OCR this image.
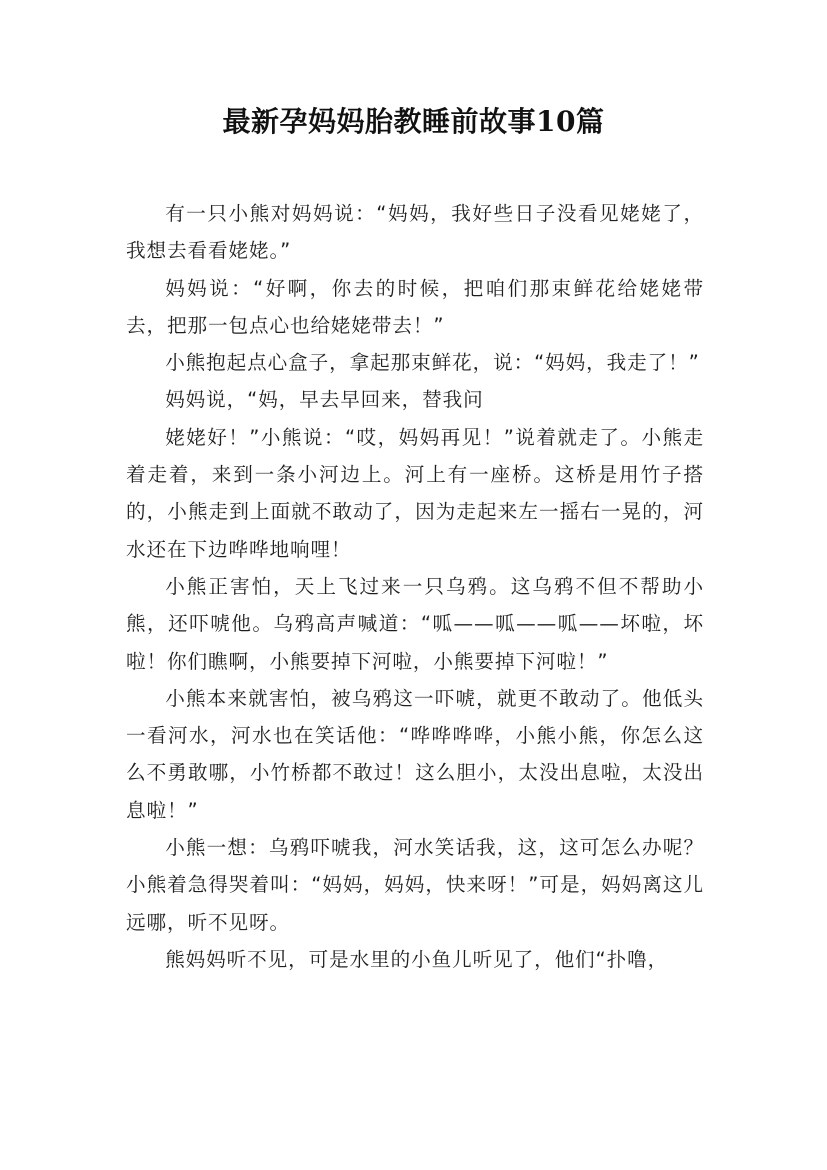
最新孕妈妈胎教睡前故事10篇

有一只小熊对妈妈说：“妈妈，我好些日子没看见姥姥了，我想去看看姥姥。”

妈妈说：“好啊，你去的时候，把咱们那束鲜花给姥姥带去，把那一包点心也给姥姥带去！”

小熊抱起点心盒子，拿起那束鲜花，说：“妈妈，我走了！”

妈妈说，“妈，早去早回来，替我问

姥姥好！”小熊说：“哎，妈妈再见！”说着就走了。小熊走着走着，来到一条小河边上。河上有一座桥。这桥是用竹子搭的，小熊走到上面就不敢动了，因为走起来左一摇右一晃的，河水还在下边哗哗地响哩！

小熊正害怕，天上飞过来一只乌鸦。这乌鸦不但不帮助小熊，还吓唬他。乌鸦高声喊道：“呱——呱——呱——坏啦，坏啦！你们瞧啊，小熊要掉下河啦，小熊要掉下河啦！”

小熊本来就害怕，被乌鸦这一吓唬，就更不敢动了。他低头一看河水，河水也在笑话他：“哗哗哗哗，小熊小熊，你怎么这么不勇敢哪，小竹桥都不敢过！这么胆小，太没出息啦，太没出息啦！”

小熊一想：乌鸦吓唬我，河水笑话我，这，这可怎么办呢？小熊着急得哭着叫：“妈妈，妈妈，快来呀！”可是，妈妈离这儿远哪，听不见呀。

熊妈妈听不见，可是水里的小鱼儿听见了，他们“扑噜，
